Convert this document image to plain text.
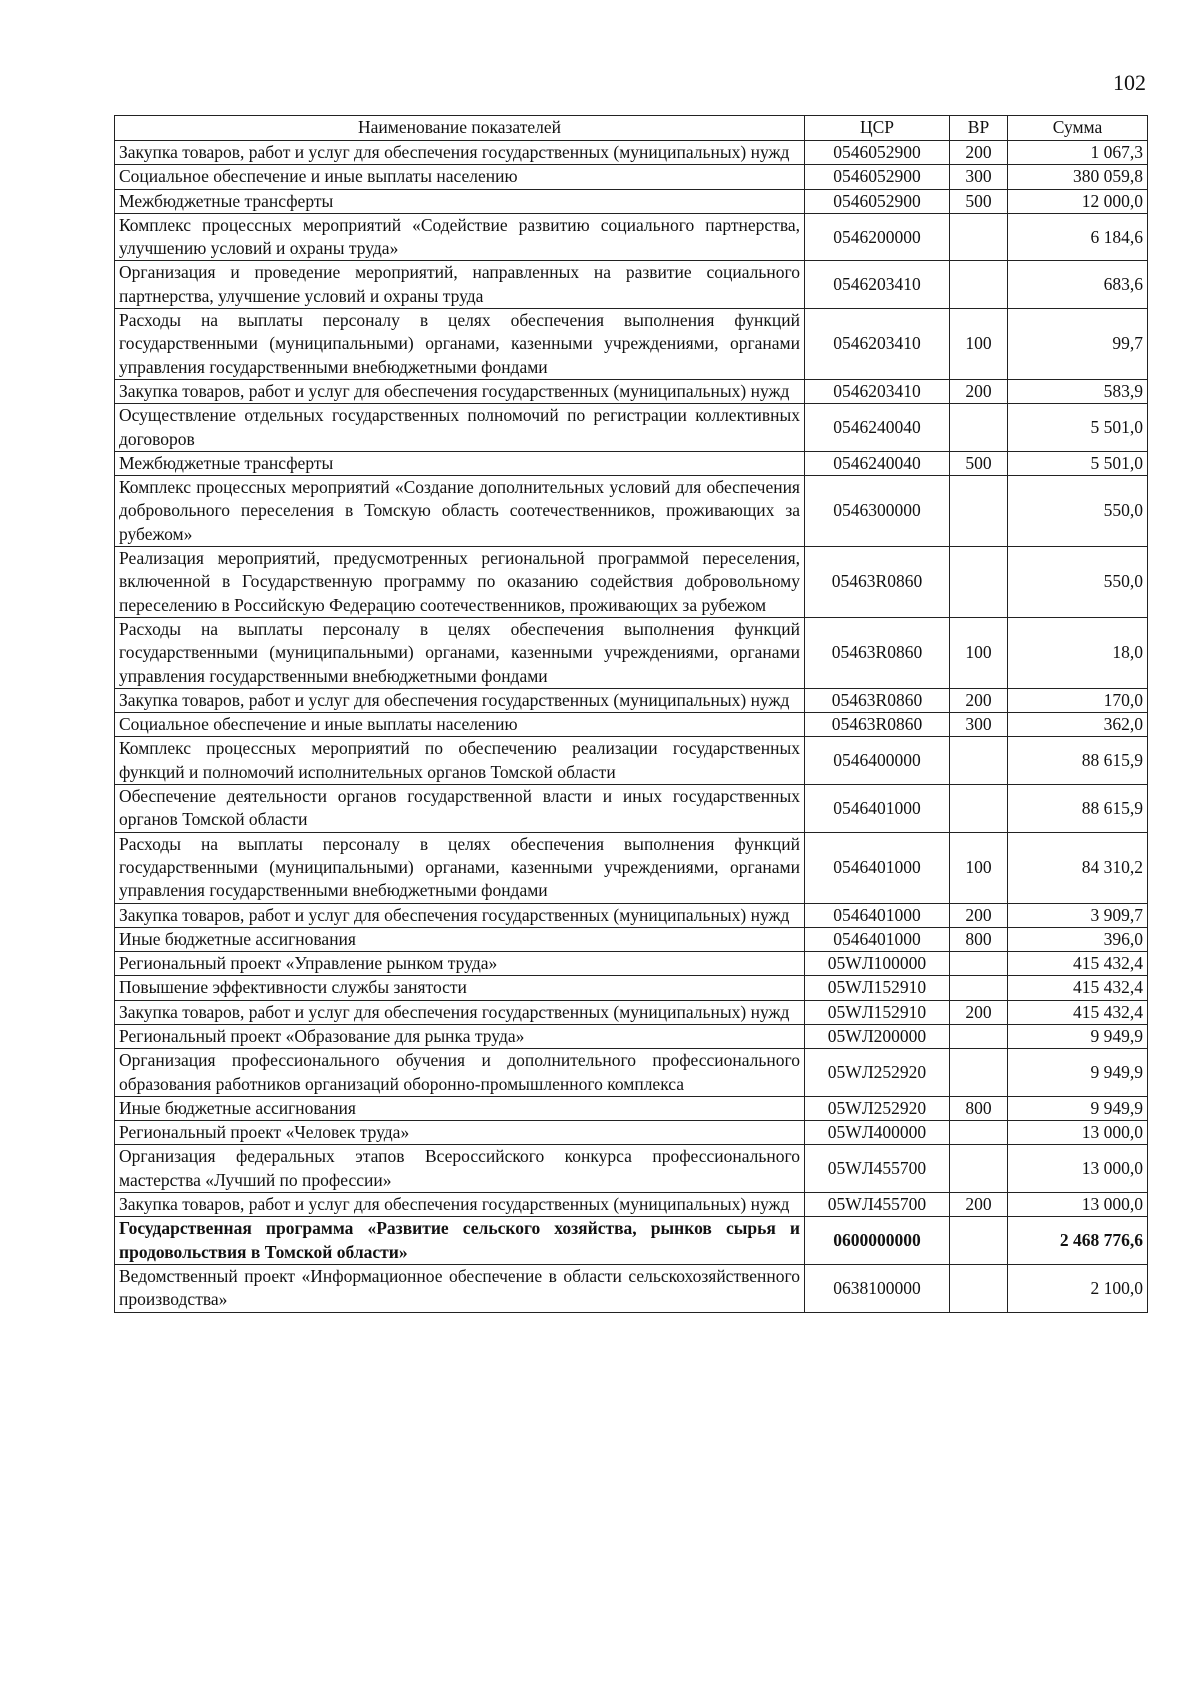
102
Наименование показателей	ЦСР	ВР	Сумма
Закупка товаров, работ и услуг для обеспечения государственных (муниципальных) нужд	0546052900	200	1 067,3
Социальное обеспечение и иные выплаты населению	0546052900	300	380 059,8
Межбюджетные трансферты	0546052900	500	12 000,0
Комплекс процессных мероприятий «Содействие развитию социального партнерства, улучшению условий и охраны труда»	0546200000		6 184,6
Организация и проведение мероприятий, направленных на развитие социального партнерства, улучшение условий и охраны труда	0546203410		683,6
Расходы на выплаты персоналу в целях обеспечения выполнения функций государственными (муниципальными) органами, казенными учреждениями, органами управления государственными внебюджетными фондами	0546203410	100	99,7
Закупка товаров, работ и услуг для обеспечения государственных (муниципальных) нужд	0546203410	200	583,9
Осуществление отдельных государственных полномочий по регистрации коллективных договоров	0546240040		5 501,0
Межбюджетные трансферты	0546240040	500	5 501,0
Комплекс процессных мероприятий «Создание дополнительных условий для обеспечения добровольного переселения в Томскую область соотечественников, проживающих за рубежом»	0546300000		550,0
Реализация мероприятий, предусмотренных региональной программой переселения, включенной в Государственную программу по оказанию содействия добровольному переселению в Российскую Федерацию соотечественников, проживающих за рубежом	05463R0860		550,0
Расходы на выплаты персоналу в целях обеспечения выполнения функций государственными (муниципальными) органами, казенными учреждениями, органами управления государственными внебюджетными фондами	05463R0860	100	18,0
Закупка товаров, работ и услуг для обеспечения государственных (муниципальных) нужд	05463R0860	200	170,0
Социальное обеспечение и иные выплаты населению	05463R0860	300	362,0
Комплекс процессных мероприятий по обеспечению реализации государственных функций и полномочий исполнительных органов Томской области	0546400000		88 615,9
Обеспечение деятельности органов государственной власти и иных государственных органов Томской области	0546401000		88 615,9
Расходы на выплаты персоналу в целях обеспечения выполнения функций государственными (муниципальными) органами, казенными учреждениями, органами управления государственными внебюджетными фондами	0546401000	100	84 310,2
Закупка товаров, работ и услуг для обеспечения государственных (муниципальных) нужд	0546401000	200	3 909,7
Иные бюджетные ассигнования	0546401000	800	396,0
Региональный проект «Управление рынком труда»	05WЛ100000		415 432,4
Повышение эффективности службы занятости	05WЛ152910		415 432,4
Закупка товаров, работ и услуг для обеспечения государственных (муниципальных) нужд	05WЛ152910	200	415 432,4
Региональный проект «Образование для рынка труда»	05WЛ200000		9 949,9
Организация профессионального обучения и дополнительного профессионального образования работников организаций оборонно-промышленного комплекса	05WЛ252920		9 949,9
Иные бюджетные ассигнования	05WЛ252920	800	9 949,9
Региональный проект «Человек труда»	05WЛ400000		13 000,0
Организация федеральных этапов Всероссийского конкурса профессионального мастерства «Лучший по профессии»	05WЛ455700		13 000,0
Закупка товаров, работ и услуг для обеспечения государственных (муниципальных) нужд	05WЛ455700	200	13 000,0
Государственная программа «Развитие сельского хозяйства, рынков сырья и продовольствия в Томской области»	0600000000		2 468 776,6
Ведомственный проект «Информационное обеспечение в области сельскохозяйственного производства»	0638100000		2 100,0
